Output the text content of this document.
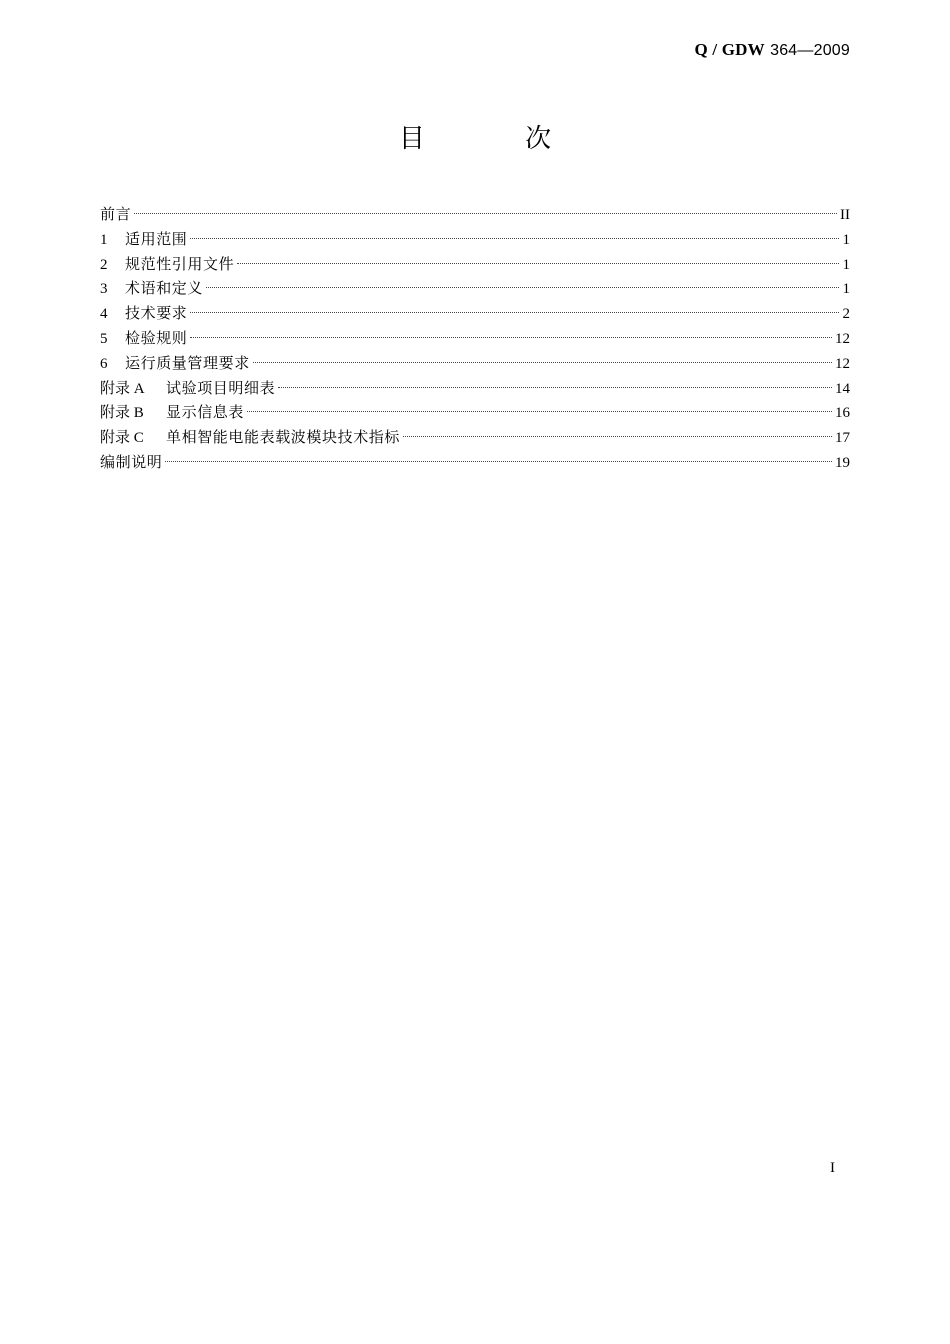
Q / GDW 364—2009
目 次
前言	II
1	适用范围	1
2	规范性引用文件	1
3	术语和定义	1
4	技术要求	2
5	检验规则	12
6	运行质量管理要求	12
附录 A	试验项目明细表	14
附录 B	显示信息表	16
附录 C	单相智能电能表载波模块技术指标	17
编制说明	19
I
